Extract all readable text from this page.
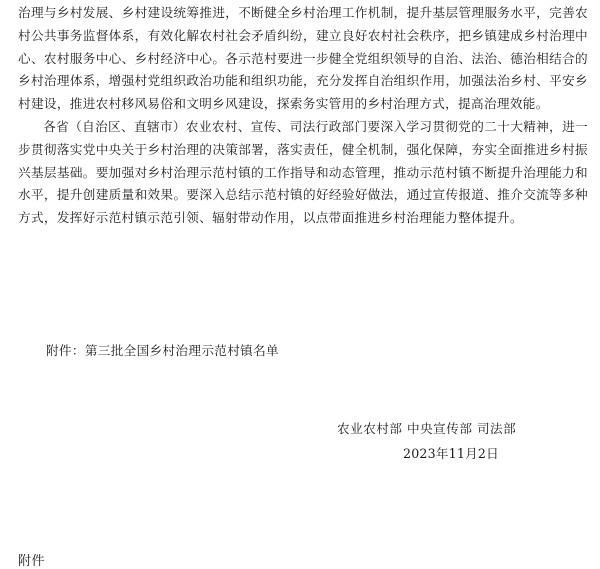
治理与乡村发展、乡村建设统筹推进，不断健全乡村治理工作机制，提升基层管理服务水平，完善农村公共事务监督体系，有效化解农村社会矛盾纠纷，建立良好农村社会秩序，把乡镇建成乡村治理中心、农村服务中心、乡村经济中心。各示范村要进一步健全党组织领导的自治、法治、德治相结合的乡村治理体系，增强村党组织政治功能和组织功能，充分发挥自治组织作用，加强法治乡村、平安乡村建设，推进农村移风易俗和文明乡风建设，探索务实管用的乡村治理方式，提高治理效能。

各省（自治区、直辖市）农业农村、宣传、司法行政部门要深入学习贯彻党的二十大精神，进一步贯彻落实党中央关于乡村治理的决策部署，落实责任，健全机制，强化保障，夯实全面推进乡村振兴基层基础。要加强对乡村治理示范村镇的工作指导和动态管理，推动示范村镇不断提升治理能力和水平，提升创建质量和效果。要深入总结示范村镇的好经验好做法，通过宣传报道、推介交流等多种方式，发挥好示范村镇示范引领、辐射带动作用，以点带面推进乡村治理能力整体提升。

附件：第三批全国乡村治理示范村镇名单
农业农村部 中央宣传部 司法部
2023年11月2日
附件
